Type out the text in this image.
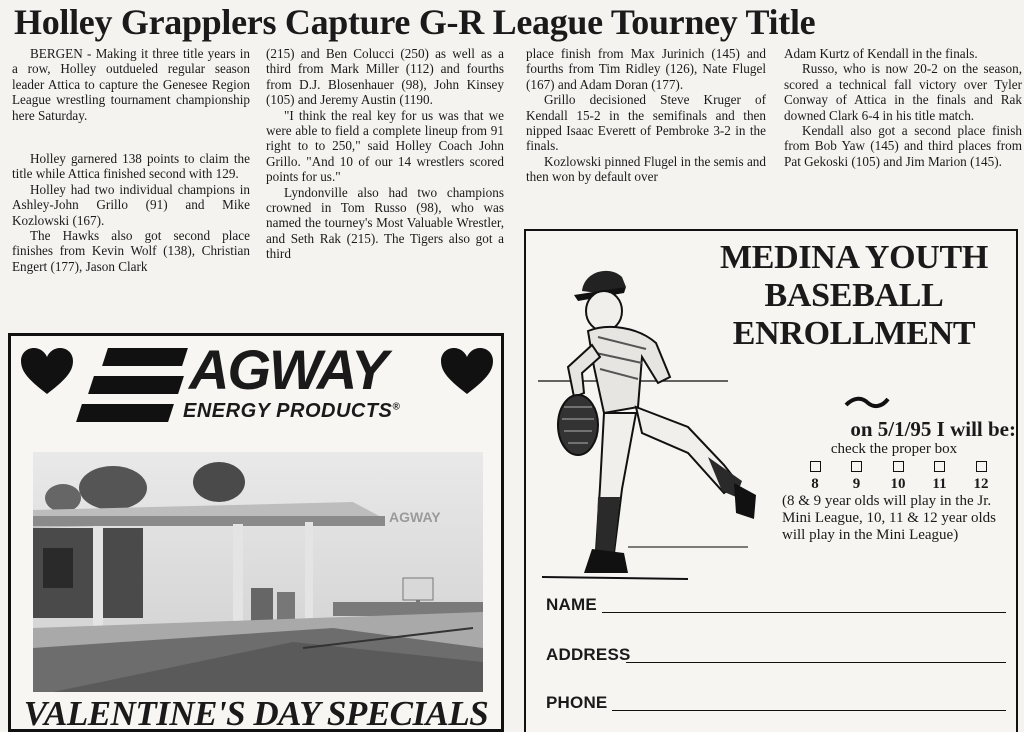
Holley Grapplers Capture G-R League Tourney Title

BERGEN - Making it three title years in a row, Holley outdueled regular season leader Attica to capture the Genesee Region League wrestling tournament championship here Saturday.

Holley garnered 138 points to claim the title while Attica finished second with 129.

Holley had two individual champions in Ashley-John Grillo (91) and Mike Kozlowski (167).

The Hawks also got second place finishes from Kevin Wolf (138), Christian Engert (177), Jason Clark

(215) and Ben Colucci (250) as well as a third from Mark Miller (112) and fourths from D.J. Blosenhauer (98), John Kinsey (105) and Jeremy Austin (1190.

"I think the real key for us was that we were able to field a complete lineup from 91 right to to 250," said Holley Coach John Grillo. "And 10 of our 14 wrestlers scored points for us."

Lyndonville also had two champions crowned in Tom Russo (98), who was named the tourney's Most Valuable Wrestler, and Seth Rak (215). The Tigers also got a third

place finish from Max Jurinich (145) and fourths from Tim Ridley (126), Nate Flugel (167) and Adam Doran (177).

Grillo decisioned Steve Kruger of Kendall 15-2 in the semifinals and then nipped Isaac Everett of Pembroke 3-2 in the finals.

Kozlowski pinned Flugel in the semis and then won by default over

Adam Kurtz of Kendall in the finals.

Russo, who is now 20-2 on the season, scored a technical fall victory over Tyler Conway of Attica in the finals and Rak downed Clark 6-4 in his title match.

Kendall also got a second place finish from Bob Yaw (145) and third places from Pat Gekoski (105) and Jim Marion (145).

AGWAY
ENERGY PRODUCTS®
AGWAY
VALENTINE'S DAY SPECIALS
MEDINA YOUTH BASEBALL ENROLLMENT
on 5/1/95 I will be:
check the proper box
8	9	10	11	12
(8 & 9 year olds will play in the Jr. Mini League, 10, 11 & 12 year olds will play in the Mini League)
NAME
ADDRESS
PHONE
